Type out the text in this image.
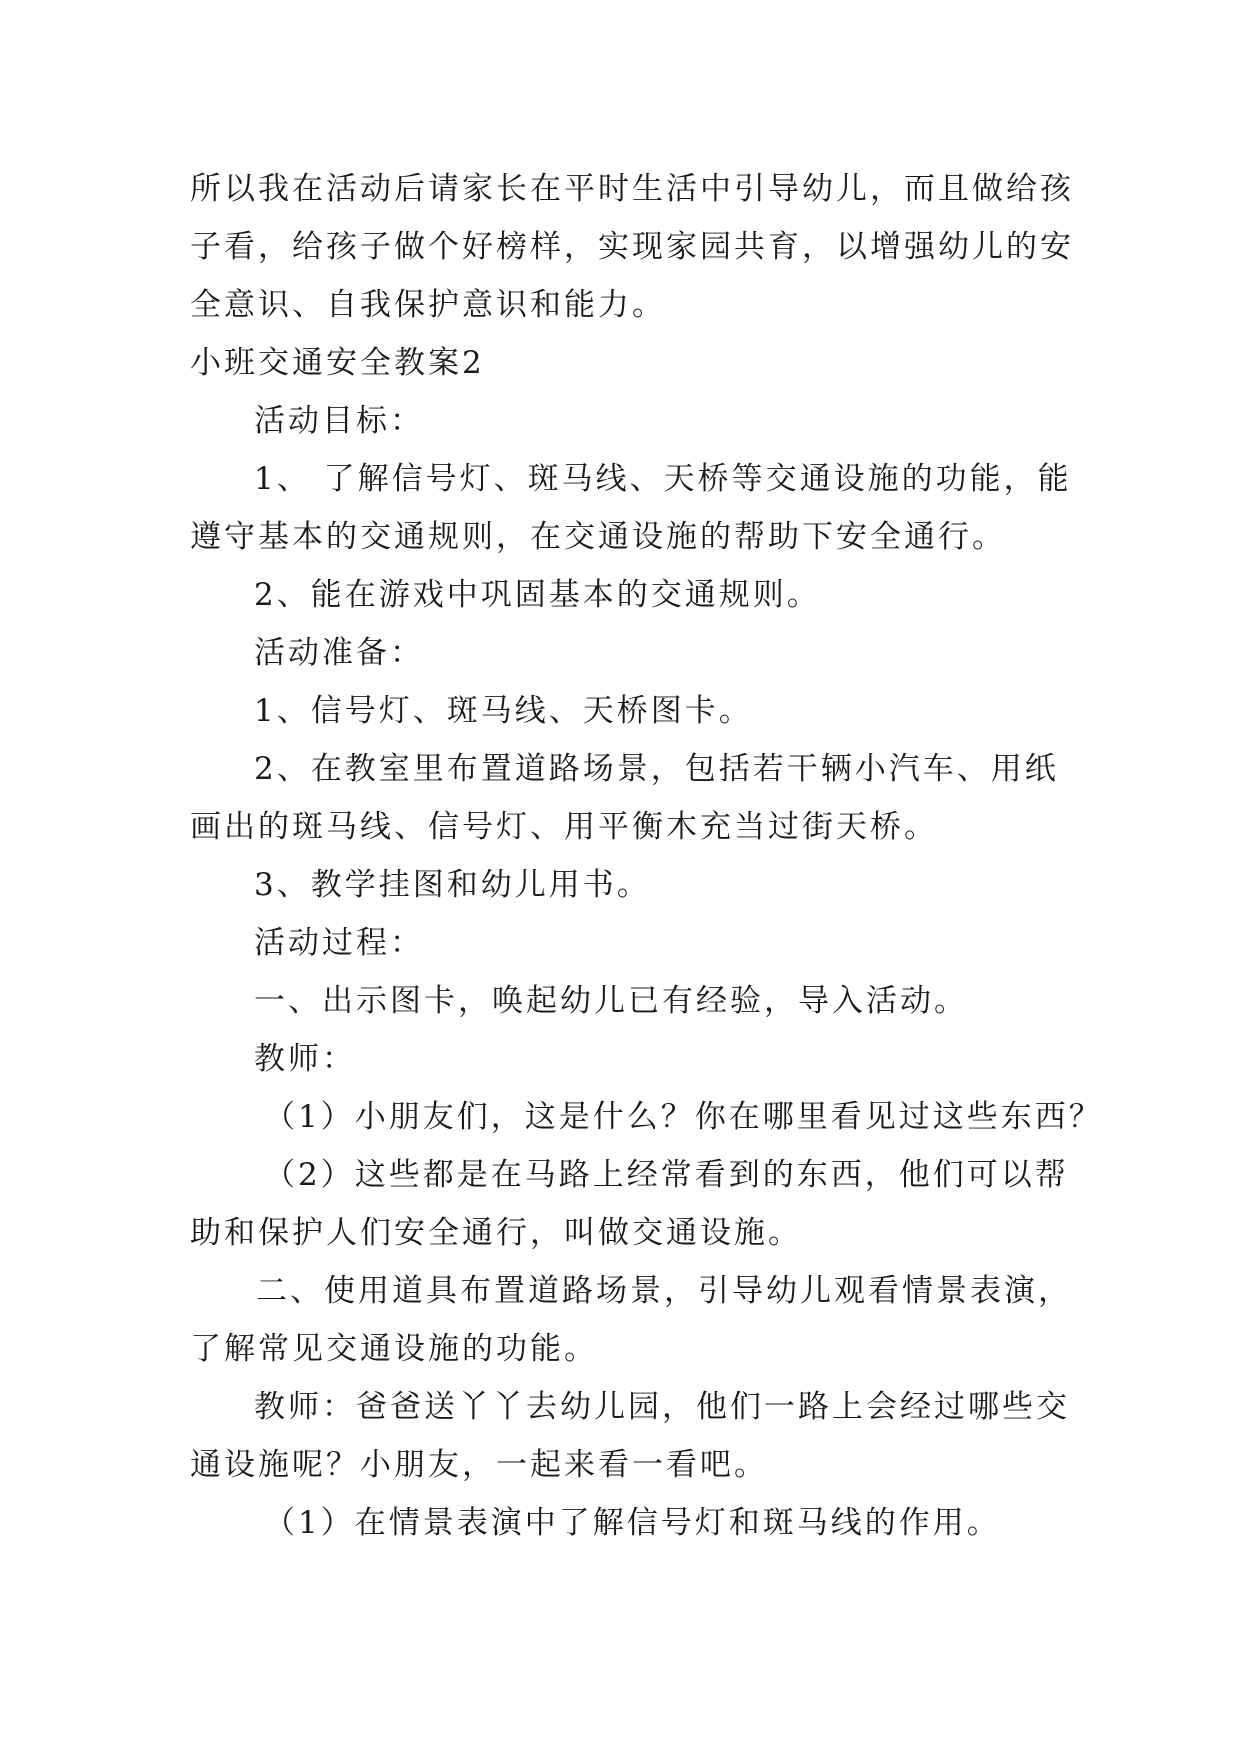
所以我在活动后请家长在平时生活中引导幼儿，而且做给孩
子看，给孩子做个好榜样，实现家园共育，以增强幼儿的安
全意识、自我保护意识和能力。
小班交通安全教案2
活动目标：
1、 了解信号灯、斑马线、天桥等交通设施的功能，能
遵守基本的交通规则，在交通设施的帮助下安全通行。
2、能在游戏中巩固基本的交通规则。
活动准备：
1、信号灯、斑马线、天桥图卡。
2、在教室里布置道路场景，包括若干辆小汽车、用纸
画出的斑马线、信号灯、用平衡木充当过街天桥。
3、教学挂图和幼儿用书。
活动过程：
一、出示图卡，唤起幼儿已有经验，导入活动。
教师：
（1）小朋友们，这是什么？你在哪里看见过这些东西？
（2）这些都是在马路上经常看到的东西，他们可以帮
助和保护人们安全通行，叫做交通设施。
二、使用道具布置道路场景，引导幼儿观看情景表演，
了解常见交通设施的功能。
教师：爸爸送丫丫去幼儿园，他们一路上会经过哪些交
通设施呢？小朋友，一起来看一看吧。
（1）在情景表演中了解信号灯和斑马线的作用。
